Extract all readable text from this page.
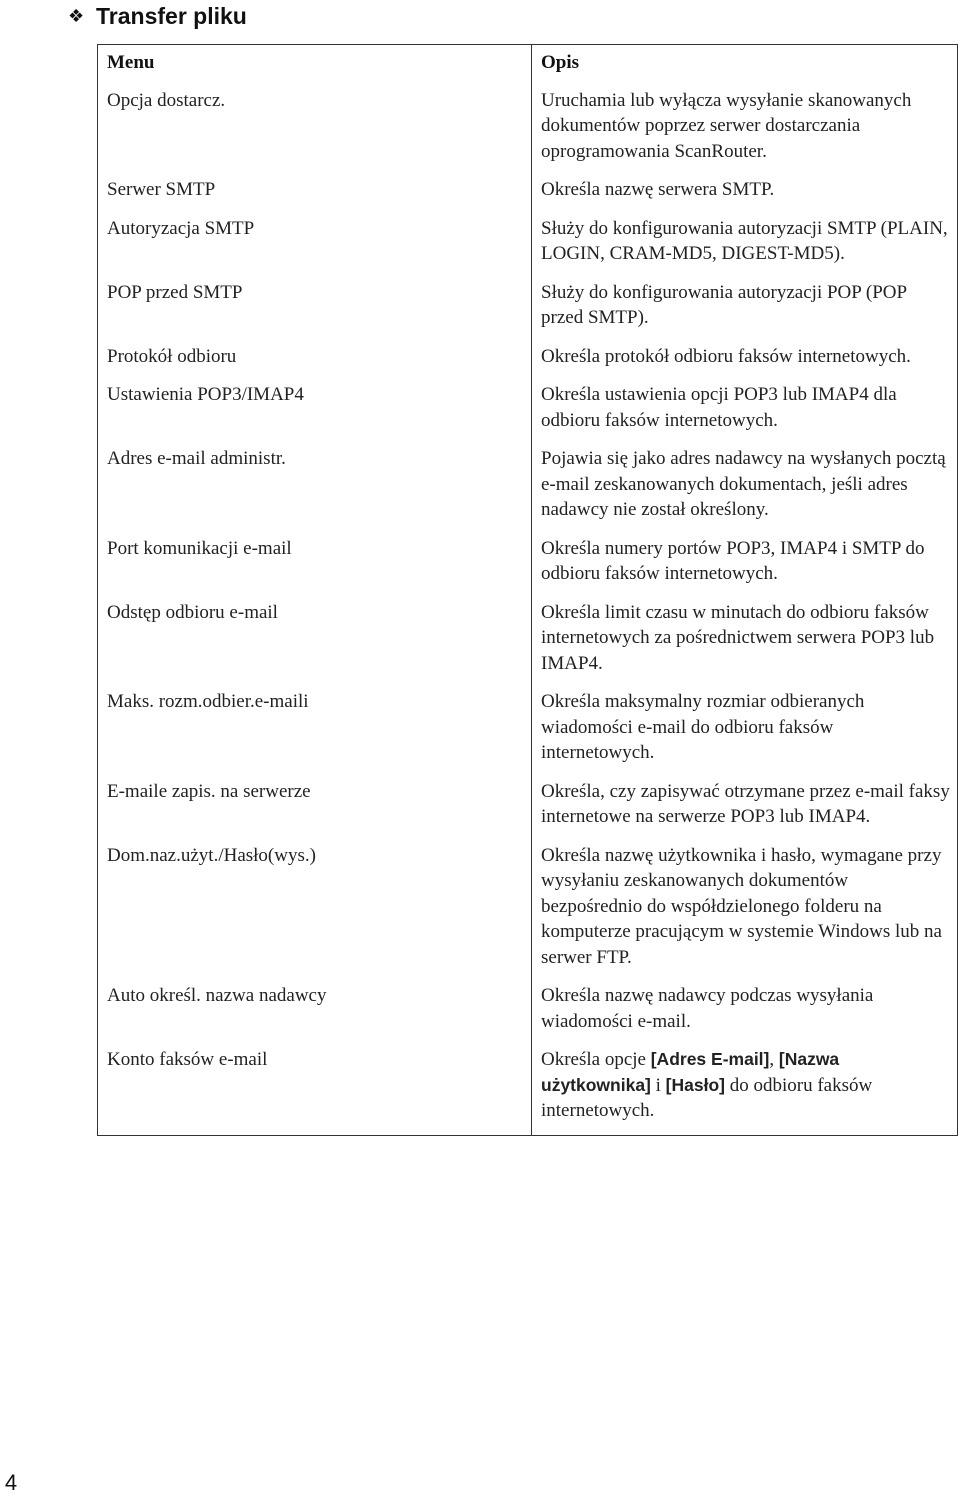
❖ Transfer pliku
Menu	Opis
Opcja dostarcz.	Uruchamia lub wyłącza wysyłanie skanowanych dokumentów poprzez serwer dostarczania oprogramowania ScanRouter.
Serwer SMTP	Określa nazwę serwera SMTP.
Autoryzacja SMTP	Służy do konfigurowania autoryzacji SMTP (PLAIN, LOGIN, CRAM-MD5, DIGEST-MD5).
POP przed SMTP	Służy do konfigurowania autoryzacji POP (POP przed SMTP).
Protokół odbioru	Określa protokół odbioru faksów internetowych.
Ustawienia POP3/IMAP4	Określa ustawienia opcji POP3 lub IMAP4 dla odbioru faksów internetowych.
Adres e-mail administr.	Pojawia się jako adres nadawcy na wysłanych pocztą e-mail zeskanowanych dokumentach, jeśli adres nadawcy nie został określony.
Port komunikacji e-mail	Określa numery portów POP3, IMAP4 i SMTP do odbioru faksów internetowych.
Odstęp odbioru e-mail	Określa limit czasu w minutach do odbioru faksów internetowych za pośrednictwem serwera POP3 lub IMAP4.
Maks. rozm.odbier.e-maili	Określa maksymalny rozmiar odbieranych wiadomości e-mail do odbioru faksów internetowych.
E-maile zapis. na serwerze	Określa, czy zapisywać otrzymane przez e-mail faksy internetowe na serwerze POP3 lub IMAP4.
Dom.naz.użyt./Hasło(wys.)	Określa nazwę użytkownika i hasło, wymagane przy wysyłaniu zeskanowanych dokumentów bezpośrednio do współdzielonego folderu na komputerze pracującym w systemie Windows lub na serwer FTP.
Auto określ. nazwa nadawcy	Określa nazwę nadawcy podczas wysyłania wiadomości e-mail.
Konto faksów e-mail	Określa opcje [Adres E-mail], [Nazwa użytkownika] i [Hasło] do odbioru faksów internetowych.
4
